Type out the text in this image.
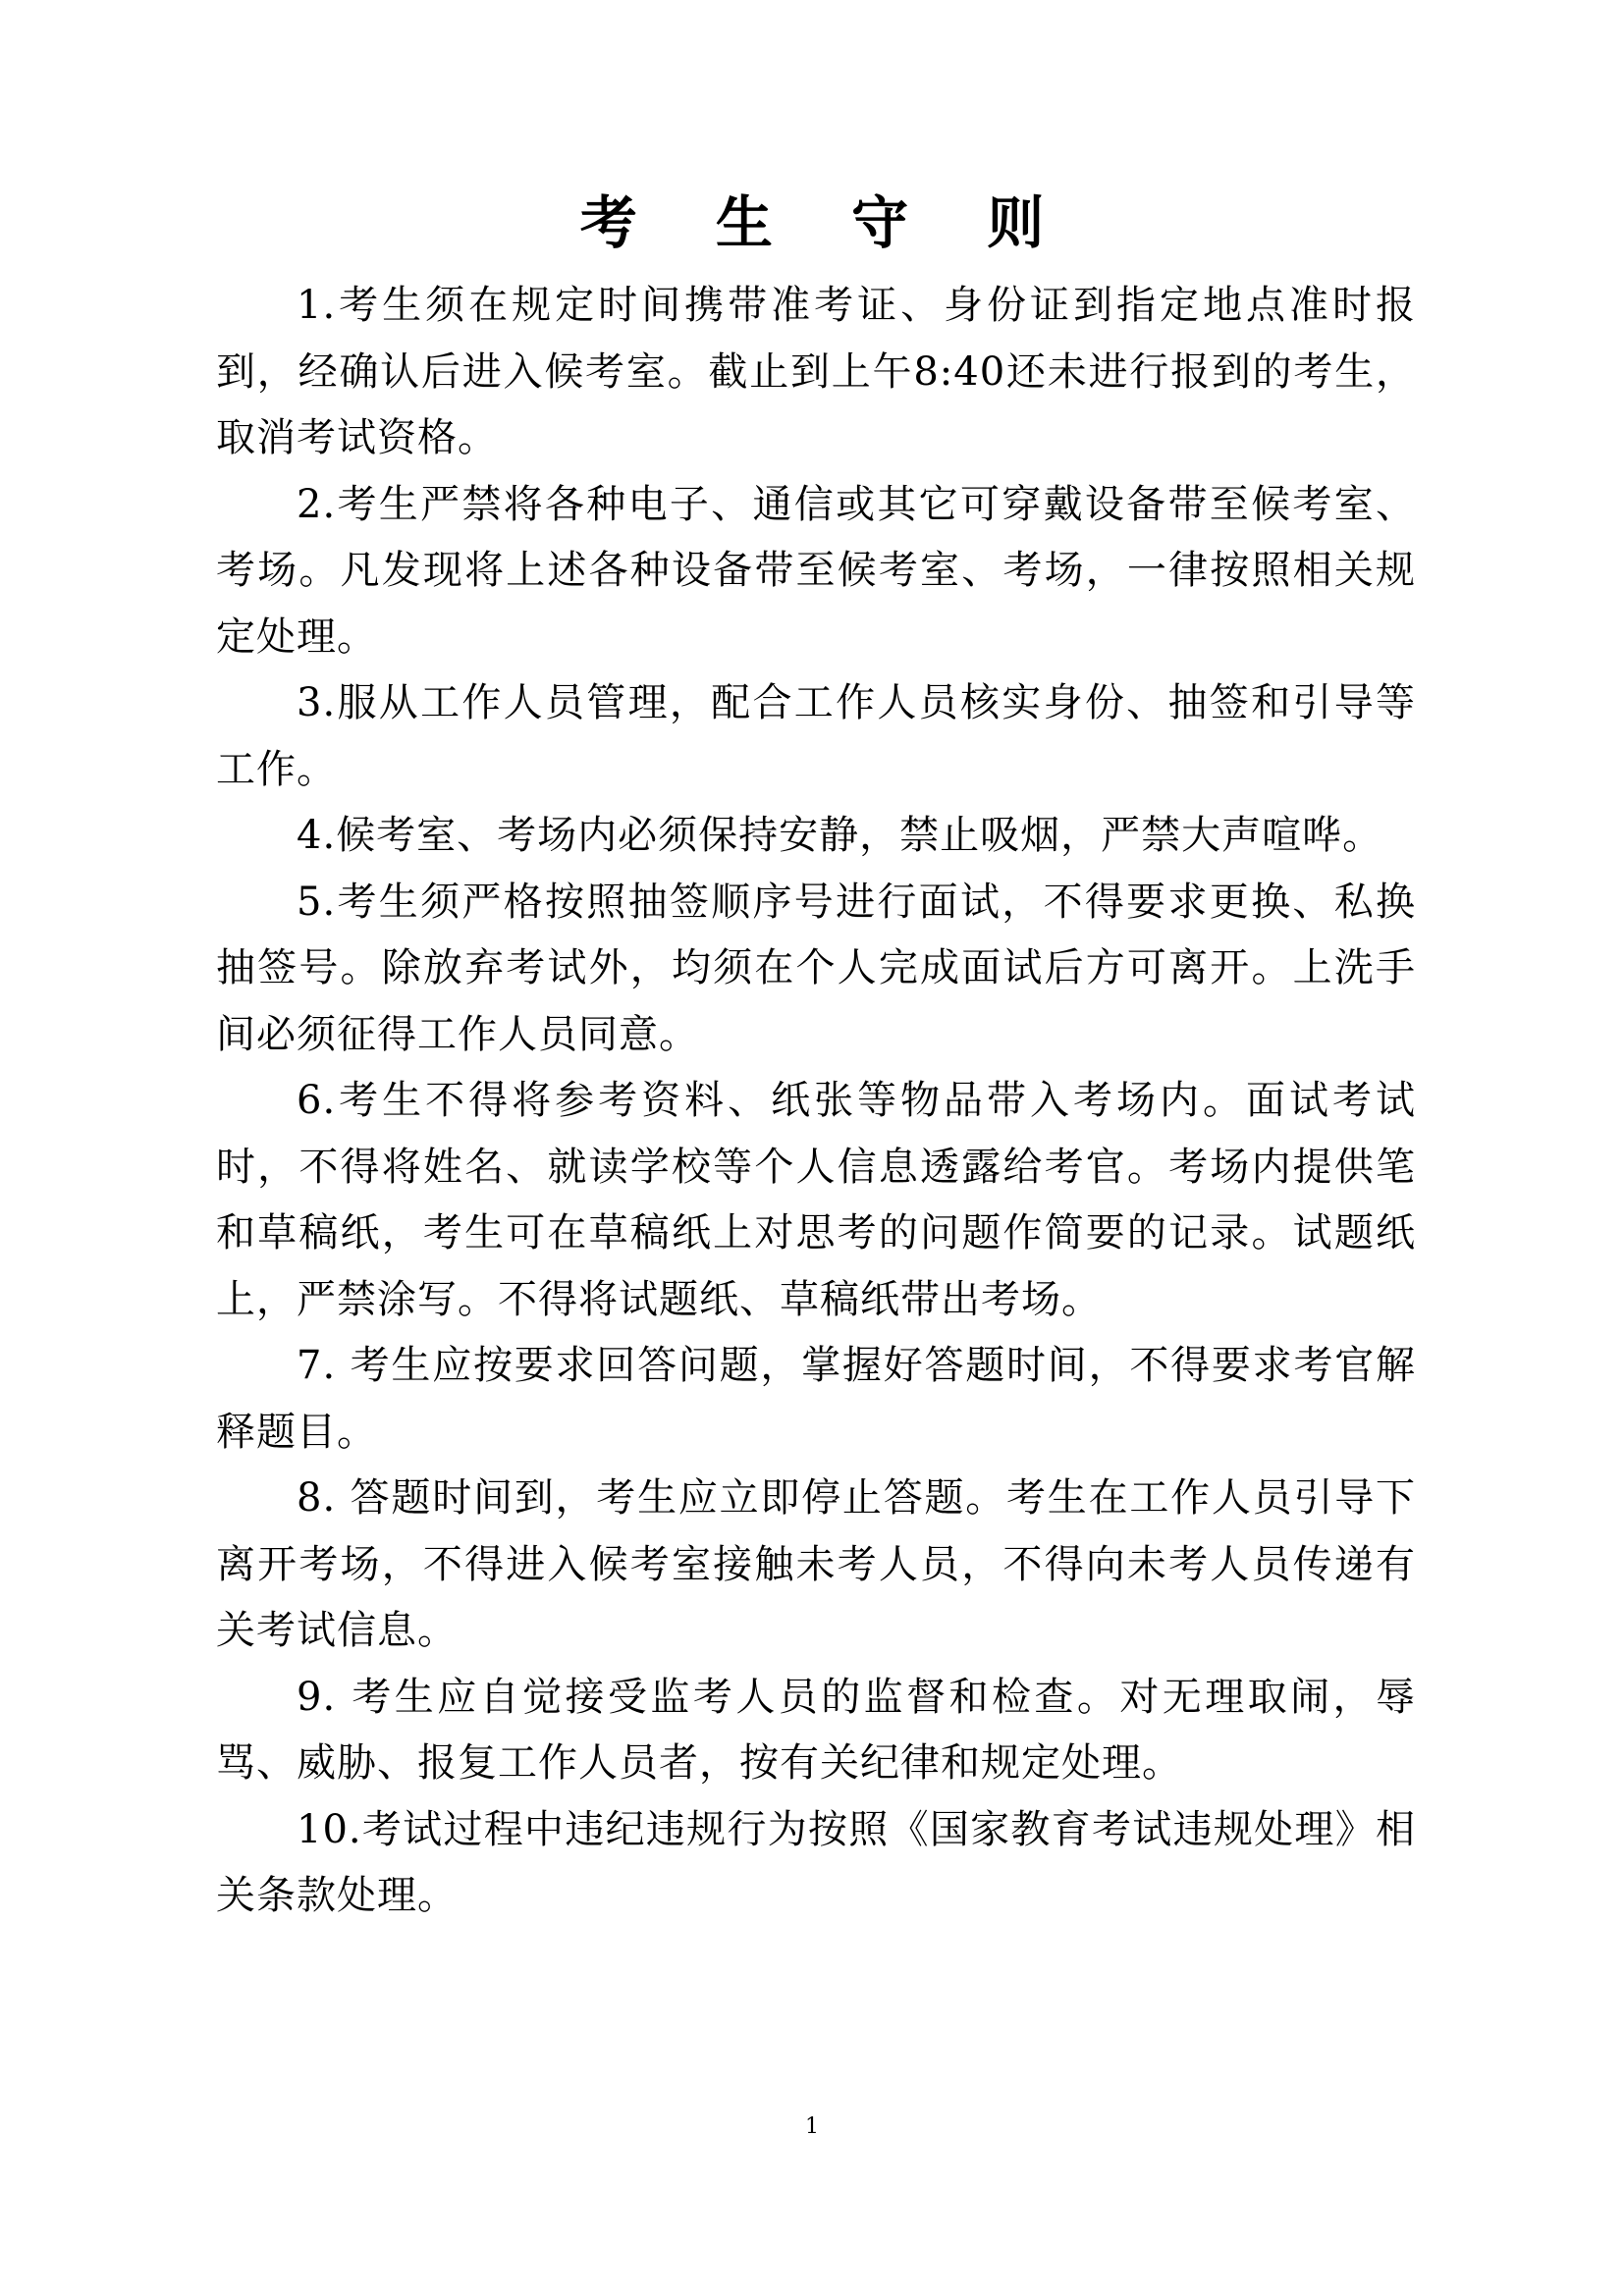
考 生 守 则

1.考生须在规定时间携带准考证、身份证到指定地点准时报到，经确认后进入候考室。截止到上午8:40还未进行报到的考生，取消考试资格。

2.考生严禁将各种电子、通信或其它可穿戴设备带至候考室、考场。凡发现将上述各种设备带至候考室、考场，一律按照相关规定处理。

3.服从工作人员管理，配合工作人员核实身份、抽签和引导等工作。

4.候考室、考场内必须保持安静，禁止吸烟，严禁大声喧哗。

5.考生须严格按照抽签顺序号进行面试，不得要求更换、私换抽签号。除放弃考试外，均须在个人完成面试后方可离开。上洗手间必须征得工作人员同意。

6.考生不得将参考资料、纸张等物品带入考场内。面试考试时，不得将姓名、就读学校等个人信息透露给考官。考场内提供笔和草稿纸，考生可在草稿纸上对思考的问题作简要的记录。试题纸上，严禁涂写。不得将试题纸、草稿纸带出考场。

7. 考生应按要求回答问题，掌握好答题时间，不得要求考官解释题目。

8. 答题时间到，考生应立即停止答题。考生在工作人员引导下离开考场，不得进入候考室接触未考人员，不得向未考人员传递有关考试信息。

9. 考生应自觉接受监考人员的监督和检查。对无理取闹，辱骂、威胁、报复工作人员者，按有关纪律和规定处理。

10.考试过程中违纪违规行为按照《国家教育考试违规处理》相关条款处理。

1
